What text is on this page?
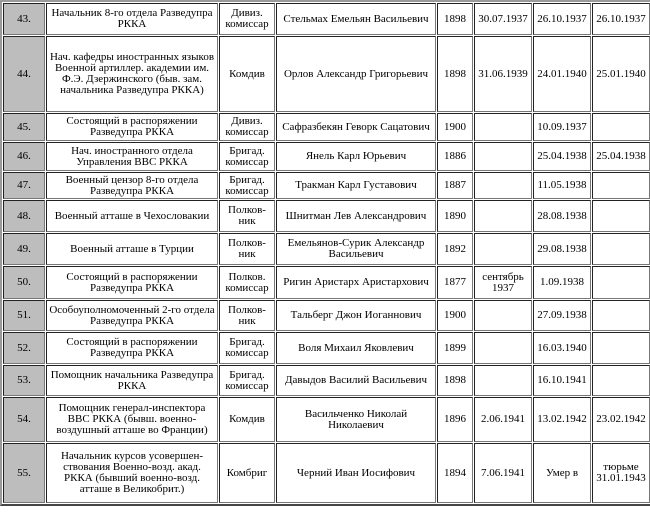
43.	Начальник 8-го отдела Разведупра РККА	Дивиз. комиссар	Стельмах Емельян Васильевич	1898	30.07.1937	26.10.1937	26.10.1937
44.	Нач. кафедры иностранных языков Военной артиллер. академии им. Ф.Э. Дзержинского (быв. зам. начальника Разведупра РККА)	Комдив	Орлов Александр Григорьевич	1898	31.06.1939	24.01.1940	25.01.1940
45.	Состоящий в распоряжении Разведупра РККА	Дивиз. комиссар	Сафразбекян Геворк Сацатович	1900		10.09.1937	
46.	Нач. иностранного отдела Управления ВВС РККА	Бригад. комиссар	Янель Карл Юрьевич	1886		25.04.1938	25.04.1938
47.	Военный цензор 8-го отдела Разведупра РККА	Бригад. комиссар	Тракман Карл Густавович	1887		11.05.1938	
48.	Военный атташе в Чехословакии	Полков-ник	Шнитман Лев Александрович	1890		28.08.1938	
49.	Военный атташе в Турции	Полков-ник	Емельянов-Сурик Александр Васильевич	1892		29.08.1938	
50.	Состоящий в распоряжении Разведупра РККА	Полков. комиссар	Ригин Аристарх Аристархович	1877	сентябрь 1937	1.09.1938	
51.	Особоуполномоченный 2-го отдела Разведупра РККА	Полков-ник	Тальберг Джон Иоганнович	1900		27.09.1938	
52.	Состоящий в распоряжении Разведупра РККА	Бригад. комиссар	Воля Михаил Яковлевич	1899		16.03.1940	
53.	Помощник начальника Разведупра РККА	Бригад. комиссар	Давыдов Василий Васильевич	1898		16.10.1941	
54.	Помощник генерал-инспектора ВВС РККА (бывш. военно-воздушный атташе во Франции)	Комдив	Васильченко Николай Николаевич	1896	2.06.1941	13.02.1942	23.02.1942
55.	Начальник курсов усовершен-ствования Военно-возд. акад. РККА (бывший военно-возд. атташе в Великобрит.)	Комбриг	Черний Иван Иосифович	1894	7.06.1941	Умер в	тюрьме 31.01.1943
